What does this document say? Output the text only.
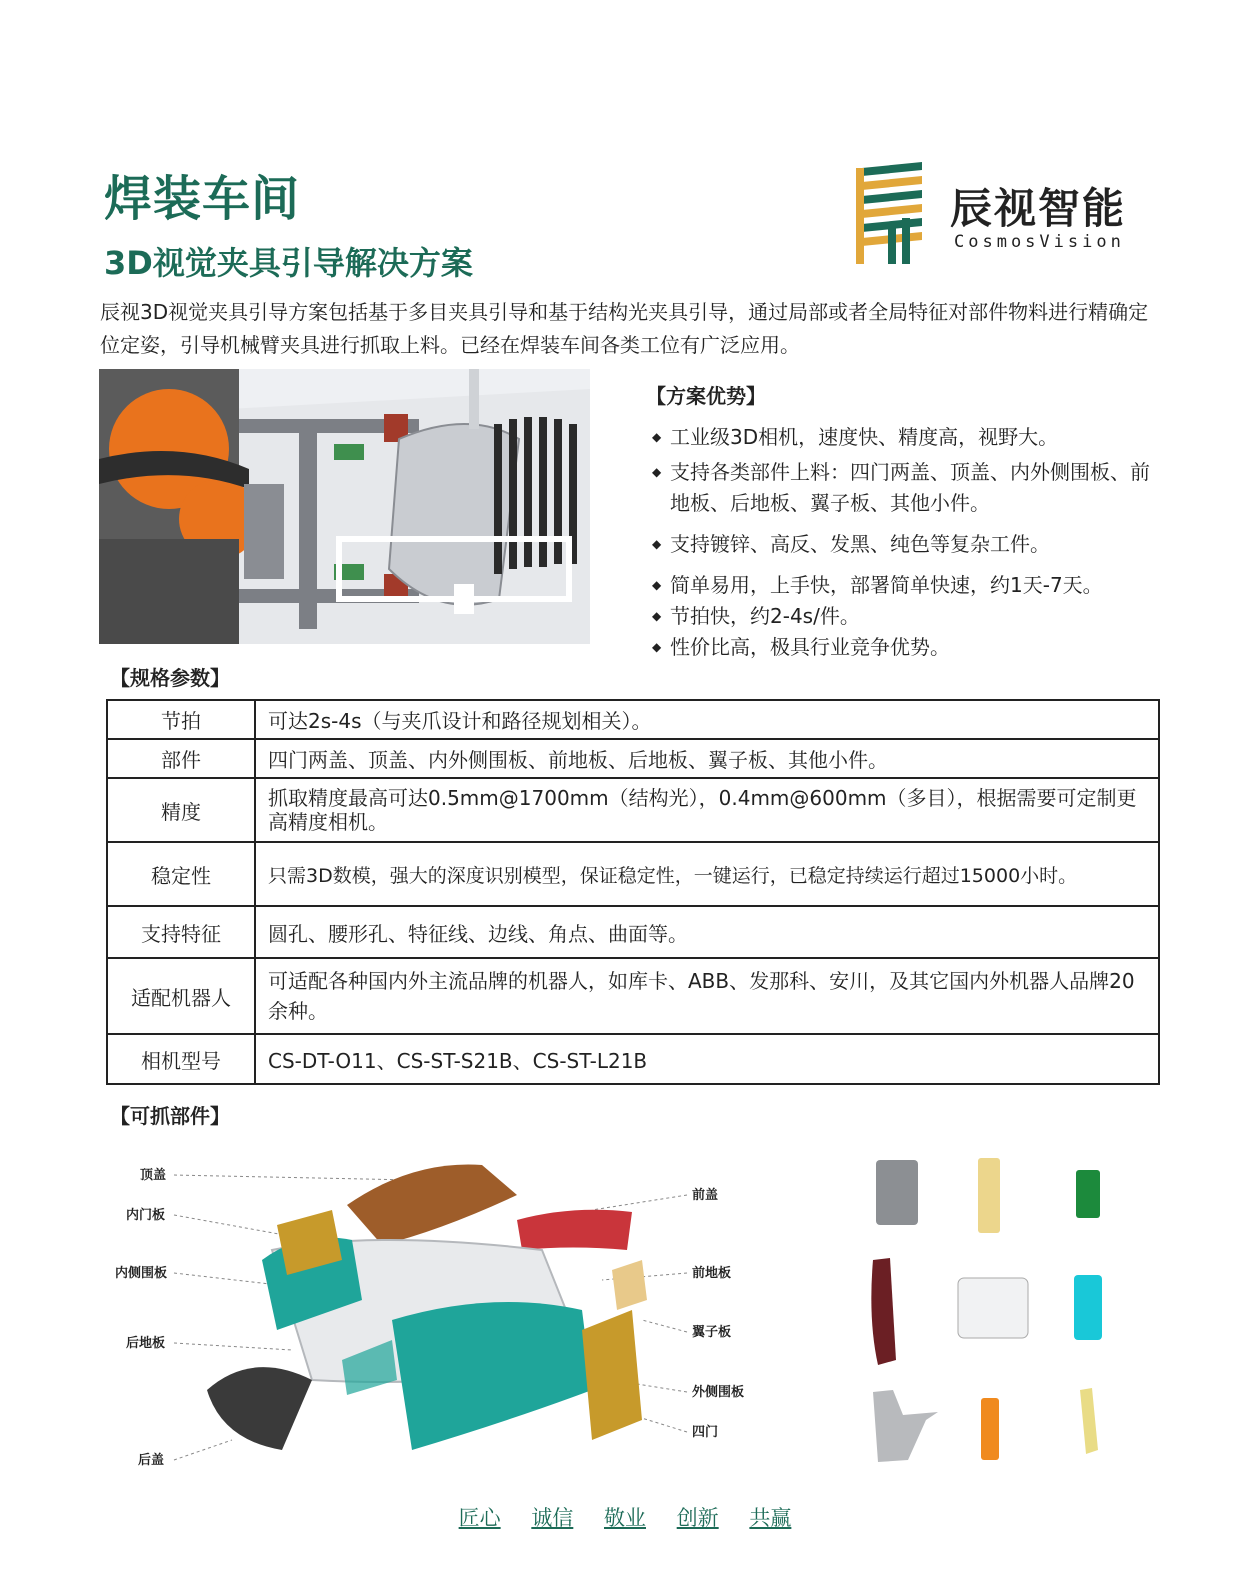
焊装车间
3D视觉夹具引导解决方案
辰视智能
CosmosVision
辰视3D视觉夹具引导方案包括基于多目夹具引导和基于结构光夹具引导，通过局部或者全局特征对部件物料进行精确定位定姿，引导机械臂夹具进行抓取上料。已经在焊装车间各类工位有广泛应用。
【方案优势】
◆ 工业级3D相机，速度快、精度高，视野大。
◆ 支持各类部件上料：四门两盖、顶盖、内外侧围板、前地板、后地板、翼子板、其他小件。
◆ 支持镀锌、高反、发黑、纯色等复杂工件。
◆ 简单易用，上手快，部署简单快速，约1天-7天。
◆ 节拍快，约2-4s/件。
◆ 性价比高，极具行业竞争优势。
【规格参数】
节拍	可达2s-4s（与夹爪设计和路径规划相关）。
部件	四门两盖、顶盖、内外侧围板、前地板、后地板、翼子板、其他小件。
精度	抓取精度最高可达0.5mm@1700mm（结构光），0.4mm@600mm（多目），根据需要可定制更高精度相机。
稳定性	只需3D数模，强大的深度识别模型，保证稳定性，一键运行，已稳定持续运行超过15000小时。
支持特征	圆孔、腰形孔、特征线、边线、角点、曲面等。
适配机器人	可适配各种国内外主流品牌的机器人，如库卡、ABB、发那科、安川，及其它国内外机器人品牌20余种。
相机型号	CS-DT-O11、CS-ST-S21B、CS-ST-L21B
【可抓部件】
顶盖
内门板
内侧围板
后地板
后盖
前盖
前地板
翼子板
外侧围板
四门
匠心 诚信 敬业 创新 共赢
